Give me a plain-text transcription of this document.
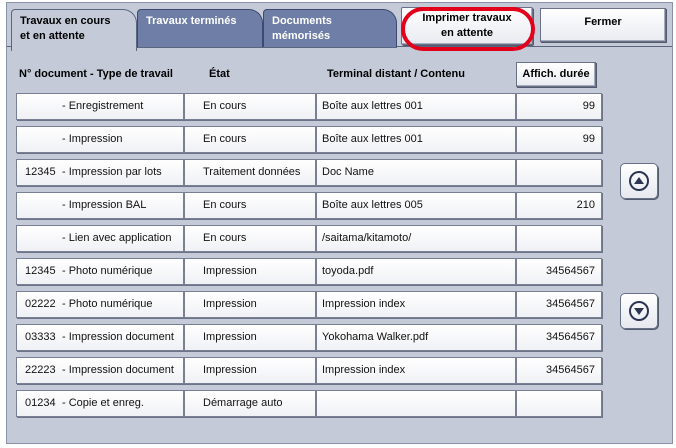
Travaux en cours
et en attente
Travaux terminés	Documents
mémorisés
Imprimer travaux
en attente
Fermer
N° document - Type de travail	État	Terminal distant / Contenu	Affich. durée
- Enregistrement	En cours	Boîte aux lettres 001	99
- Impression	En cours	Boîte aux lettres 001	99
12345 - Impression par lots	Traitement données	Doc Name
- Impression BAL	En cours	Boîte aux lettres 005	210
- Lien avec application	En cours	/saitama/kitamoto/
12345 - Photo numérique	Impression	toyoda.pdf	34564567
02222 - Photo numérique	Impression	Impression index	34564567
03333 - Impression document	Impression	Yokohama Walker.pdf	34564567
22223 - Impression document	Impression	Impression index	34564567
01234 - Copie et enreg.	Démarrage auto
